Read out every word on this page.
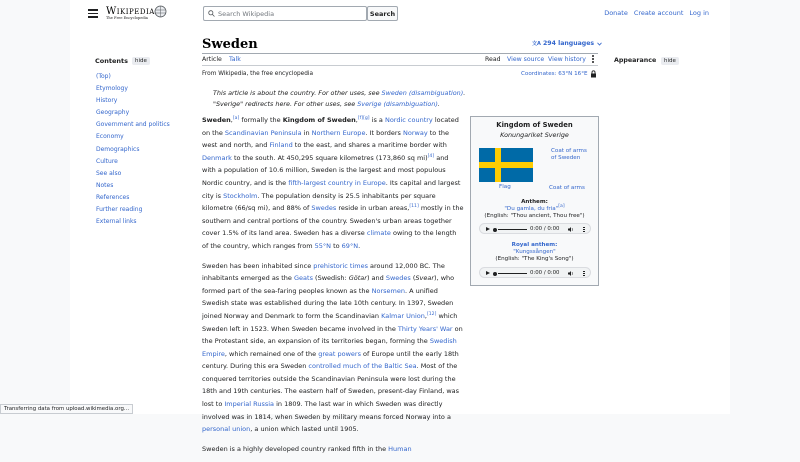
Wikipedia
The Free Encyclopedia
Search Wikipedia	Search	Donate Create account Log in
Contents	hide
(Top)
Etymology
History
Geography
Government and politics
Economy
Demographics
Culture
See also
Notes
References
Further reading
External links
Appearance	hide
Sweden	文A 294 languages
Article Talk	Read View source View history
From Wikipedia, the free encyclopedia	Coordinates: 63°N 16°E
This article is about the country. For other uses, see Sweden (disambiguation).
"Sverige" redirects here. For other uses, see Sverige (disambiguation).

Sweden,[a] formally the Kingdom of Sweden,[f][g] is a Nordic country located on the Scandinavian Peninsula in Northern Europe. It borders Norway to the west and north, and Finland to the east, and shares a maritime border with Denmark to the south. At 450,295 square kilometres (173,860 sq mi)[4] and with a population of 10.6 million, Sweden is the largest and most populous Nordic country, and is the fifth-largest country in Europe. Its capital and largest city is Stockholm. The population density is 25.5 inhabitants per square kilometre (66/sq mi), and 88% of Swedes reside in urban areas,[11] mostly in the southern and central portions of the country. Sweden's urban areas together cover 1.5% of its land area. Sweden has a diverse climate owing to the length of the country, which ranges from 55°N to 69°N.

Sweden has been inhabited since prehistoric times around 12,000 BC. The inhabitants emerged as the Geats (Swedish: Götar) and Swedes (Svear), who formed part of the sea-faring peoples known as the Norsemen. A unified Swedish state was established during the late 10th century. In 1397, Sweden joined Norway and Denmark to form the Scandinavian Kalmar Union,[12] which Sweden left in 1523. When Sweden became involved in the Thirty Years' War on the Protestant side, an expansion of its territories began, forming the Swedish Empire, which remained one of the great powers of Europe until the early 18th century. During this era Sweden controlled much of the Baltic Sea. Most of the conquered territories outside the Scandinavian Peninsula were lost during the 18th and 19th centuries. The eastern half of Sweden, present-day Finland, was lost to Imperial Russia in 1809. The last war in which Sweden was directly involved was in 1814, when Sweden by military means forced Norway into a personal union, a union which lasted until 1905.

Sweden is a highly developed country ranked fifth in the Human

Kingdom of Sweden
Konungariket Sverige
Flag
Coat of arms of Sweden
Coat of arms
Anthem:
"Du gamla, du fria"[a]
(English: "Thou ancient, Thou free")
0:00 / 0:00
Royal anthem:
"Kungssången"
(English: "The King's Song")
0:00 / 0:00
Transferring data from upload.wikimedia.org...
